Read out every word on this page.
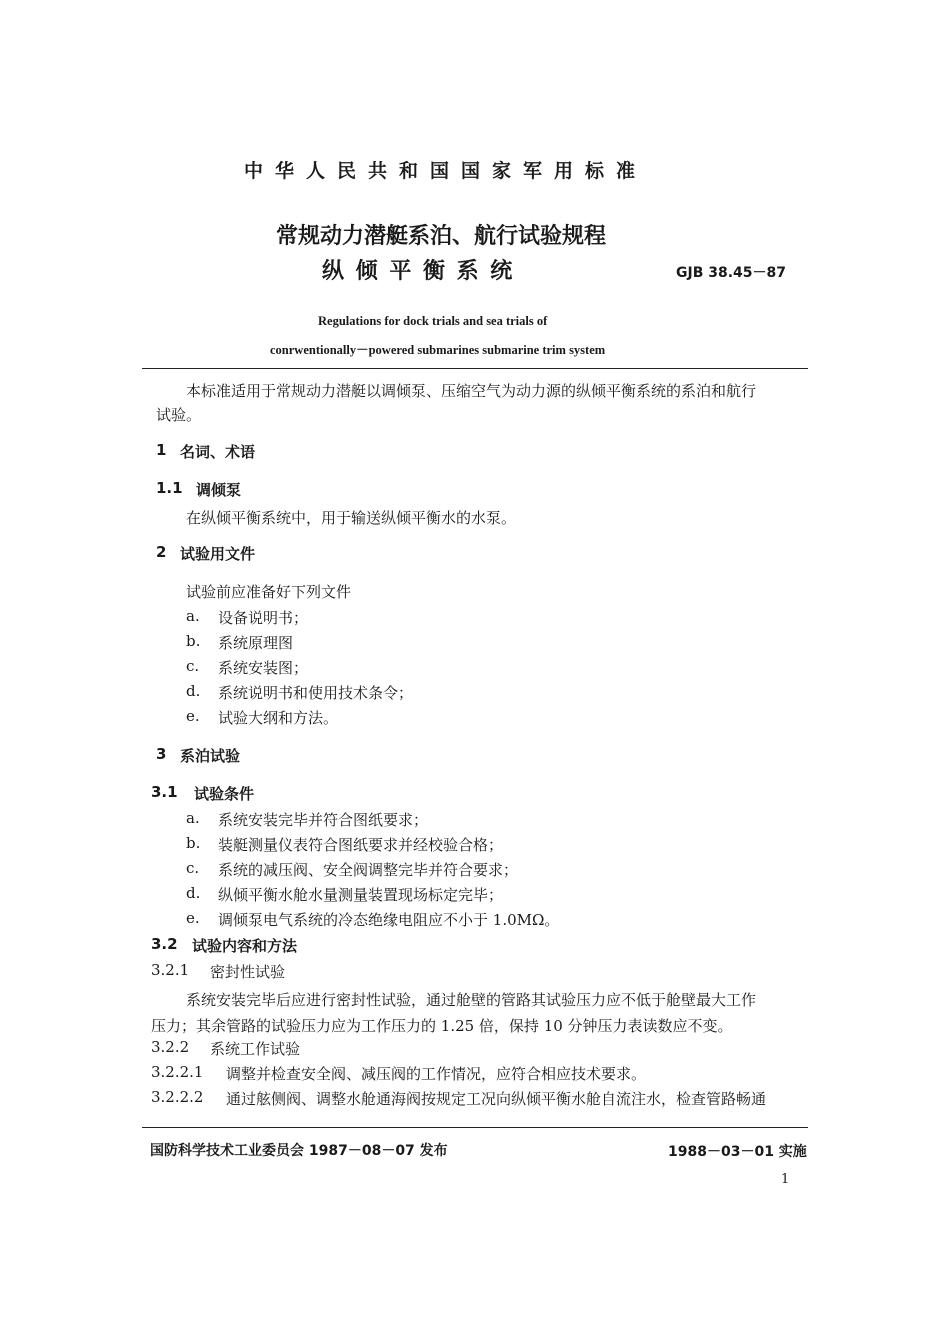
中华人民共和国国家军用标准
常规动力潜艇系泊、航行试验规程
纵 倾 平 衡 系 统	GJB 38.45－87
Regulations for dock trials and sea trials of
conrwentionally－powered submarines submarine trim system
本标准适用于常规动力潜艇以调倾泵、压缩空气为动力源的纵倾平衡系统的系泊和航行
试验。
1 名词、术语
1.1 调倾泵
在纵倾平衡系统中，用于输送纵倾平衡水的水泵。
2 试验用文件
试验前应准备好下列文件
a. 设备说明书；
b. 系统原理图
c. 系统安装图；
d. 系统说明书和使用技术条令；
e. 试验大纲和方法。
3 系泊试验
3.1 试验条件
a. 系统安装完毕并符合图纸要求；
b. 装艇测量仪表符合图纸要求并经校验合格；
c. 系统的减压阀、安全阀调整完毕并符合要求；
d. 纵倾平衡水舱水量测量装置现场标定完毕；
e. 调倾泵电气系统的冷态绝缘电阻应不小于 1.0MΩ。
3.2 试验内容和方法
3.2.1 密封性试验
系统安装完毕后应进行密封性试验，通过舱壁的管路其试验压力应不低于舱壁最大工作
压力；其余管路的试验压力应为工作压力的 1.25 倍，保持 10 分钟压力表读数应不变。
3.2.2 系统工作试验
3.2.2.1 调整并检查安全阀、减压阀的工作情况，应符合相应技术要求。
3.2.2.2 通过舷侧阀、调整水舱通海阀按规定工况向纵倾平衡水舱自流注水，检查管路畅通
国防科学技术工业委员会 1987－08－07 发布	1988－03－01 实施
1
